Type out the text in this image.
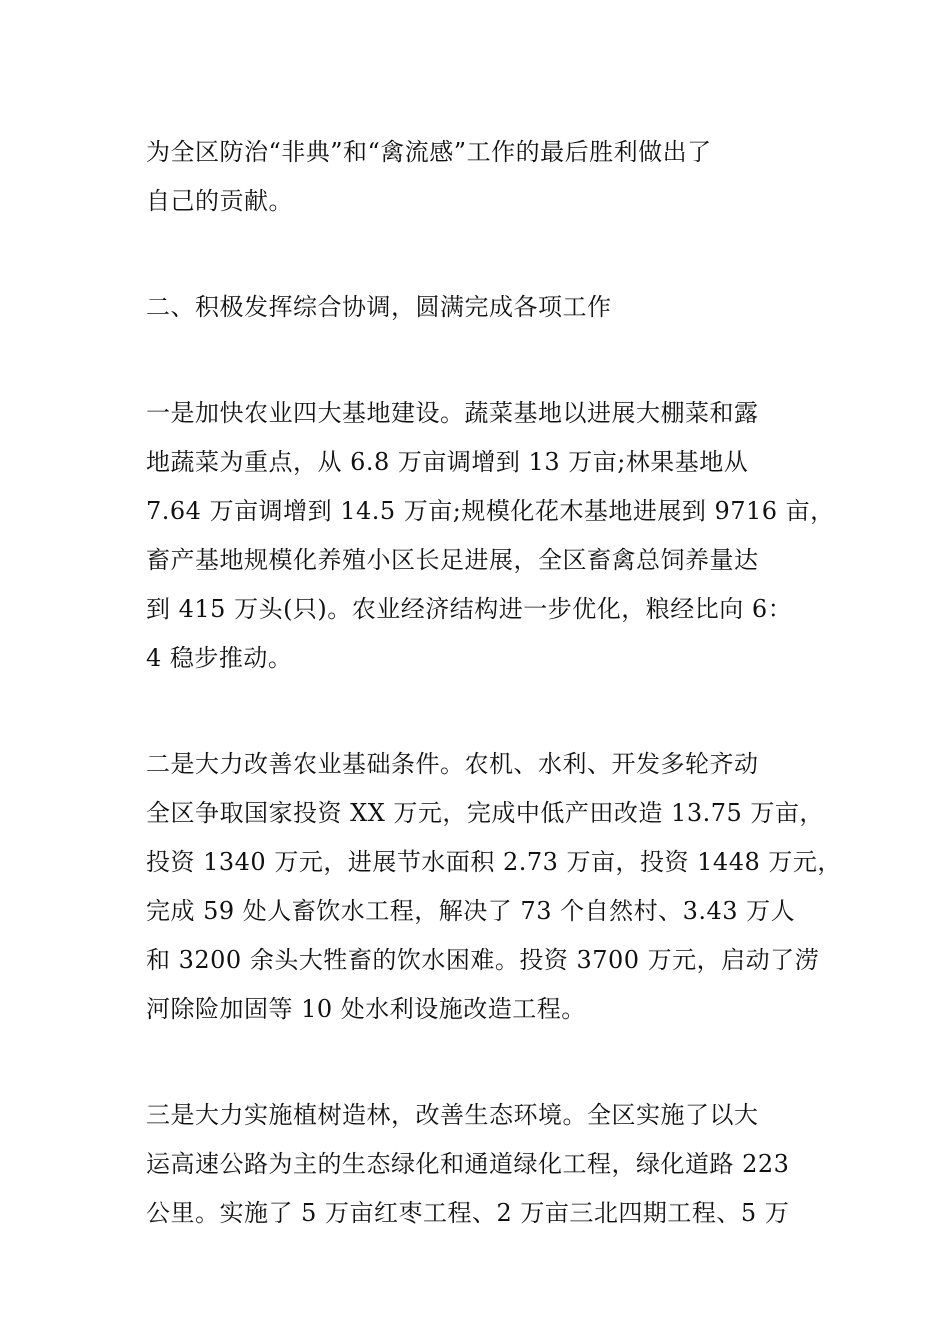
为全区防治“非典”和“禽流感”工作的最后胜利做出了
自己的贡献。

二、积极发挥综合协调，圆满完成各项工作

一是加快农业四大基地建设。蔬菜基地以进展大棚菜和露
地蔬菜为重点，从 6.8 万亩调增到 13 万亩;林果基地从
7.64 万亩调增到 14.5 万亩;规模化花木基地进展到 9716 亩，
畜产基地规模化养殖小区长足进展，全区畜禽总饲养量达
到 415 万头(只)。农业经济结构进一步优化，粮经比向 6：
4 稳步推动。

二是大力改善农业基础条件。农机、水利、开发多轮齐动
全区争取国家投资 XX 万元，完成中低产田改造 13.75 万亩，
投资 1340 万元，进展节水面积 2.73 万亩，投资 1448 万元，
完成 59 处人畜饮水工程，解决了 73 个自然村、3.43 万人
和 3200 余头大牲畜的饮水困难。投资 3700 万元，启动了涝
河除险加固等 10 处水利设施改造工程。

三是大力实施植树造林，改善生态环境。全区实施了以大
运高速公路为主的生态绿化和通道绿化工程，绿化道路 223
公里。实施了 5 万亩红枣工程、2 万亩三北四期工程、5 万
